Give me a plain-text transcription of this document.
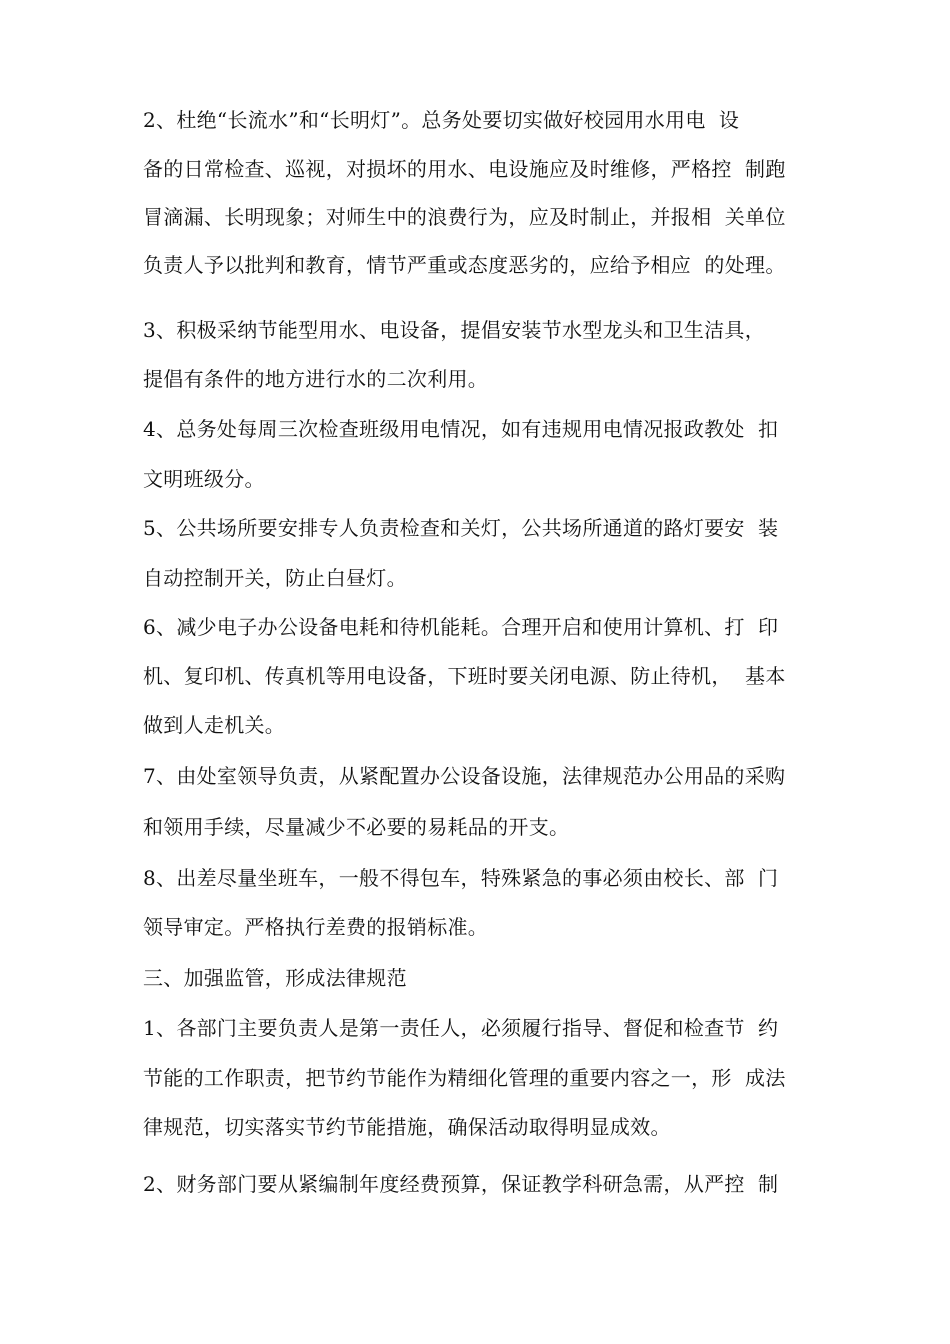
2、杜绝“长流水”和“长明灯”。总务处要切实做好校园用水用电  设
备的日常检查、巡视，对损坏的用水、电设施应及时维修，严格控  制跑
冒滴漏、长明现象；对师生中的浪费行为，应及时制止，并报相  关单位
负责人予以批判和教育，情节严重或态度恶劣的，应给予相应  的处理。
3、积极采纳节能型用水、电设备，提倡安装节水型龙头和卫生洁具，
提倡有条件的地方进行水的二次利用。
4、总务处每周三次检查班级用电情况，如有违规用电情况报政教处  扣
文明班级分。
5、公共场所要安排专人负责检查和关灯，公共场所通道的路灯要安  装
自动控制开关，防止白昼灯。
6、减少电子办公设备电耗和待机能耗。合理开启和使用计算机、打  印
机、复印机、传真机等用电设备，下班时要关闭电源、防止待机，  基本
做到人走机关。
7、由处室领导负责，从紧配置办公设备设施，法律规范办公用品的采购
和领用手续，尽量减少不必要的易耗品的开支。
8、出差尽量坐班车，一般不得包车，特殊紧急的事必须由校长、部  门
领导审定。严格执行差费的报销标准。
三、加强监管，形成法律规范
1、各部门主要负责人是第一责任人，必须履行指导、督促和检查节  约
节能的工作职责，把节约节能作为精细化管理的重要内容之一，形  成法
律规范，切实落实节约节能措施，确保活动取得明显成效。
2、财务部门要从紧编制年度经费预算，保证教学科研急需，从严控  制
